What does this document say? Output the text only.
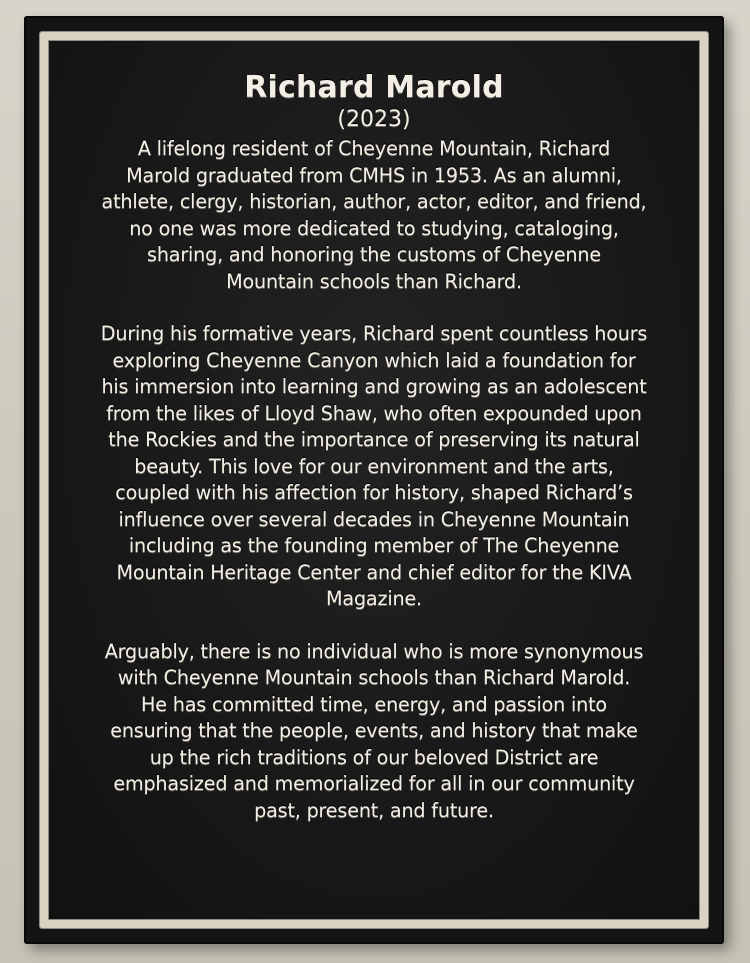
Richard Marold

(2023)

A lifelong resident of Cheyenne Mountain, Richard

Marold graduated from CMHS in 1953. As an alumni,

athlete, clergy, historian, author, actor, editor, and friend,

no one was more dedicated to studying, cataloging,

sharing, and honoring the customs of Cheyenne

Mountain schools than Richard.

During his formative years, Richard spent countless hours

exploring Cheyenne Canyon which laid a foundation for

his immersion into learning and growing as an adolescent

from the likes of Lloyd Shaw, who often expounded upon

the Rockies and the importance of preserving its natural

beauty. This love for our environment and the arts,

coupled with his affection for history, shaped Richard’s

influence over several decades in Cheyenne Mountain

including as the founding member of The Cheyenne

Mountain Heritage Center and chief editor for the KIVA

Magazine.

Arguably, there is no individual who is more synonymous

with Cheyenne Mountain schools than Richard Marold.

He has committed time, energy, and passion into

ensuring that the people, events, and history that make

up the rich traditions of our beloved District are

emphasized and memorialized for all in our community

past, present, and future.
